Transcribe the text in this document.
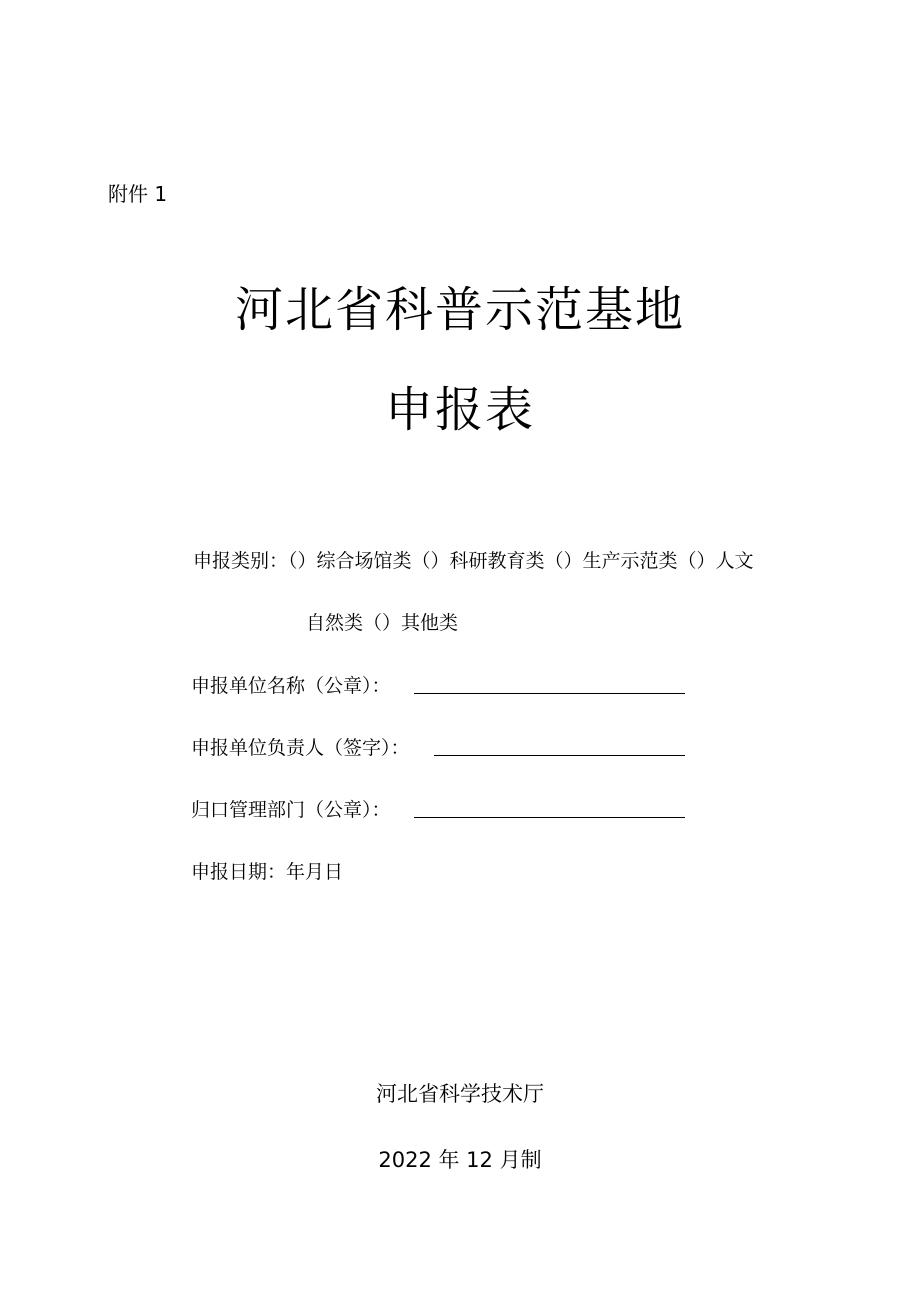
附件 1
河北省科普示范基地
申报表
申报类别：（）综合场馆类（）科研教育类（）生产示范类（）人文
自然类（）其他类
申报单位名称（公章）：
申报单位负责人（签字）：
归口管理部门（公章）：
申报日期：年月日
河北省科学技术厅
2022 年 12 月制
